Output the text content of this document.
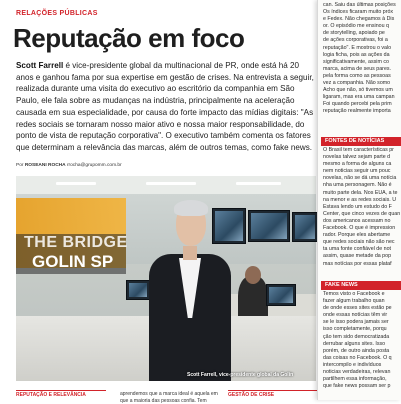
RELAÇÕES PÚBLICAS
Reputação em foco

Scott Farrell é vice-presidente global da multinacional de PR, onde está há 20 anos e ganhou fama por sua expertise em gestão de crises. Na entrevista a seguir, realizada durante uma visita do executivo ao escritório da companhia em São Paulo, ele fala sobre as mudanças na indústria, principalmente na aceleração causada em sua especialidade, por causa do forte impacto das mídias digitais: "As redes sociais se tornaram nosso maior ativo e nossa maior responsabilidade, do ponto de vista de reputação corporativa". O executivo também comenta os fatores que determinam a relevância das marcas, além de outros temas, como fake news.

Por ROSEANI ROCHA rrocha@grupomm.com.br
THE BRIDGE
GOLIN SP
Scott Farrell, vice-presidente global da Golin
REPUTAÇÃO E RELEVÂNCIA	aprendemos que a marca ideal é aquela em que a maioria das pessoas confia. Tem
GESTÃO DE CRISE
can. Saiu das últimas posições
Os índices ficaram muito próx
e Fedex. Não chegamos à Dis
or. O episódio me ensinou q
de storytelling, apoiado pe
de ações corporativas, foi a
reputação". E mostrou o valo
logia ficha, pois as ações da
significativamente, assim co
marca, acima de seus pares.
pela forma como as pessoas
vez a companhia. Não somo
Acho que não, só tivemos um
ligaram, mas era uma campan
Foi quando percebi pela prim
reputação realmente importa
FONTES DE NOTÍCIAS
O Brasil tem características pr
novelas talvez sejam parte d
mesmo a forma de alguns ca
nem noticias seguir um pouc
novelas, não se dá uma notícia
nha uma personagem. Não é
muito parte dela. Nos EUA, a te
na menor e as redes sociais. U
Estava lendo um estudo do F
Center, que cinco vezes de quan
dos americanos acessam no
Facebook. O que é impression
rador. Porque eles abertame
que redes sociais não são nec
ta uma fonte confiável de not
assim, quase metade da pop
mas notícias por essas plataf
FAKE NEWS
Temos visto o Facebook e
fazer algum trabalho quan
de onde esses sites estão pe
onde essas notícias têm vir
se le isso podera jamais ser
isso completamente, porqu
ção tem sido democratizada
derrubar alguns sites. Isso
porém, de outro ainda posta
das coisas no Facebook. O q
intercompilo e indivíduos
noticias verdadeiras, relevan
partilhem essa informação,
que fake news possam ser p
